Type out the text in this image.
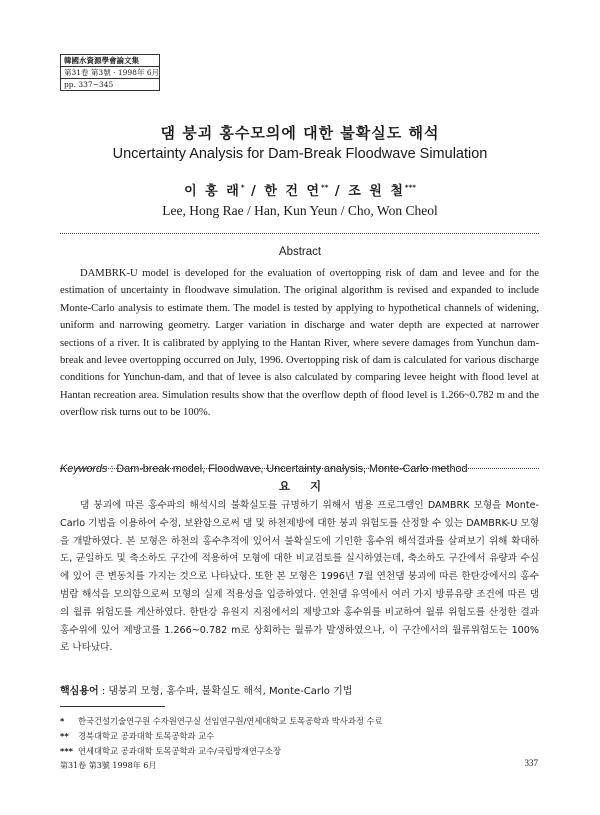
韓國水資源學會論文集
第31卷 第3號 · 1998年 6月
pp. 337~345
댐 붕괴 홍수모의에 대한 불확실도 해석
Uncertainty Analysis for Dam-Break Floodwave Simulation
이 홍 래* / 한 건 연** / 조 원 철***
Lee, Hong Rae / Han, Kun Yeun / Cho, Won Cheol
Abstract

DAMBRK-U model is developed for the evaluation of overtopping risk of dam and levee and for the estimation of uncertainty in floodwave simulation. The original algorithm is revised and expanded to include Monte-Carlo analysis to estimate them. The model is tested by applying to hypothetical channels of widening, uniform and narrowing geometry. Larger variation in discharge and water depth are expected at narrower sections of a river. It is calibrated by applying to the Hantan River, where severe damages from Yunchun dam-break and levee overtopping occurred on July, 1996. Overtopping risk of dam is calculated for various discharge conditions for Yunchun-dam, and that of levee is also calculated by comparing levee height with flood level at Hantan recreation area. Simulation results show that the overflow depth of flood level is 1.266~0.782 m and the overflow risk turns out to be 100%.

Keywords : Dam-break model, Floodwave, Uncertainty analysis, Monte-Carlo method
요     지

댐 붕괴에 따른 홍수파의 해석시의 불확실도를 규명하기 위해서 범용 프로그램인 DAMBRK 모형을 Monte-Carlo 기법을 이용하여 수정, 보완함으로써 댐 및 하천제방에 대한 붕괴 위험도를 산정할 수 있는 DAMBRK-U 모형을 개발하였다. 본 모형은 하천의 홍수추적에 있어서 불확실도에 기인한 홍수위 해석결과를 살펴보기 위해 확대하도, 균일하도 및 축소하도 구간에 적용하여 모형에 대한 비교검토를 실시하였는데, 축소하도 구간에서 유량과 수심에 있어 큰 변동치를 가지는 것으로 나타났다. 또한 본 모형은 1996년 7월 연천댐 붕괴에 따른 한탄강에서의 홍수범람 해석을 모의함으로써 모형의 실제 적용성을 입증하였다. 연천댐 유역에서 여러 가지 방류유량 조건에 따른 댐의 월류 위험도를 계산하였다. 한탄강 유원지 지점에서의 제방고와 홍수위를 비교하여 월류 위험도를 산정한 결과 홍수위에 있어 제방고를 1.266~0.782 m로 상회하는 월류가 발생하였으나, 이 구간에서의 월류위험도는 100%로 나타났다.

핵심용어 : 댐붕괴 모형, 홍수파, 불확실도 해석, Monte-Carlo 기법
* 한국건설기술연구원 수자원연구실 선임연구원/연세대학교 토목공학과 박사과정 수료
** 경북대학교 공과대학 토목공학과 교수
*** 연세대학교 공과대학 토목공학과 교수/국립방재연구소장
第31卷 第3號 1998年 6月	337
